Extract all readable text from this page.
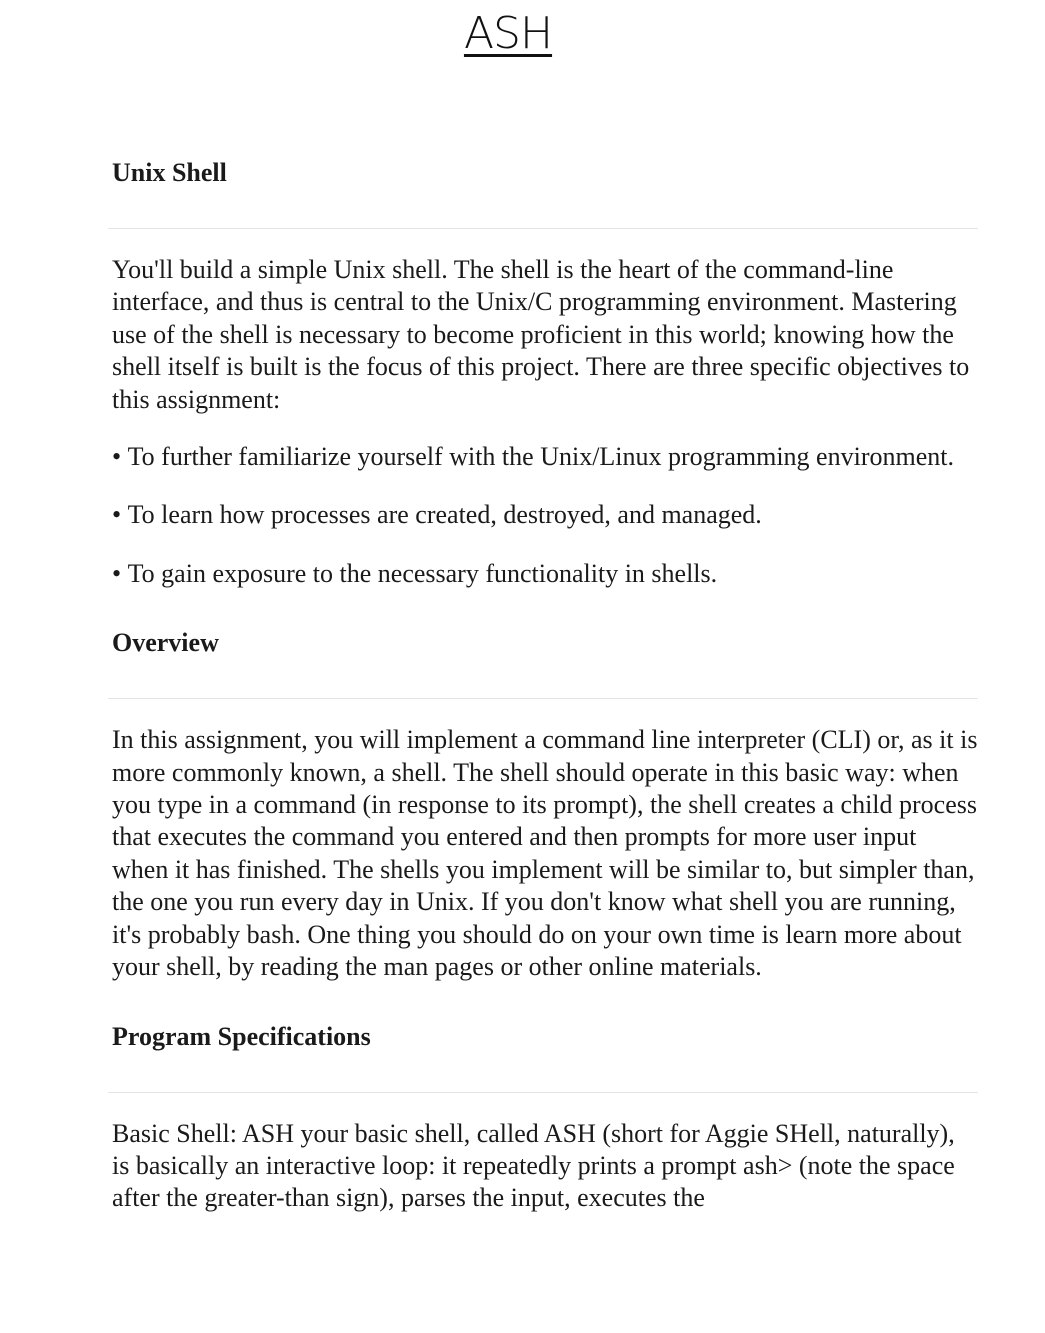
ASH
Unix Shell

You'll build a simple Unix shell. The shell is the heart of the command-line interface, and thus is central to the Unix/C programming environment. Mastering use of the shell is necessary to become proficient in this world; knowing how the shell itself is built is the focus of this project. There are three specific objectives to this assignment:

• To further familiarize yourself with the Unix/Linux programming environment.

• To learn how processes are created, destroyed, and managed.

• To gain exposure to the necessary functionality in shells.

Overview

In this assignment, you will implement a command line interpreter (CLI) or, as it is more commonly known, a shell. The shell should operate in this basic way: when you type in a command (in response to its prompt), the shell creates a child process that executes the command you entered and then prompts for more user input when it has finished. The shells you implement will be similar to, but simpler than, the one you run every day in Unix. If you don't know what shell you are running, it's probably bash. One thing you should do on your own time is learn more about your shell, by reading the man pages or other online materials.

Program Specifications

Basic Shell: ASH your basic shell, called ASH (short for Aggie SHell, naturally), is basically an interactive loop: it repeatedly prints a prompt ash> (note the space after the greater-than sign), parses the input, executes the
